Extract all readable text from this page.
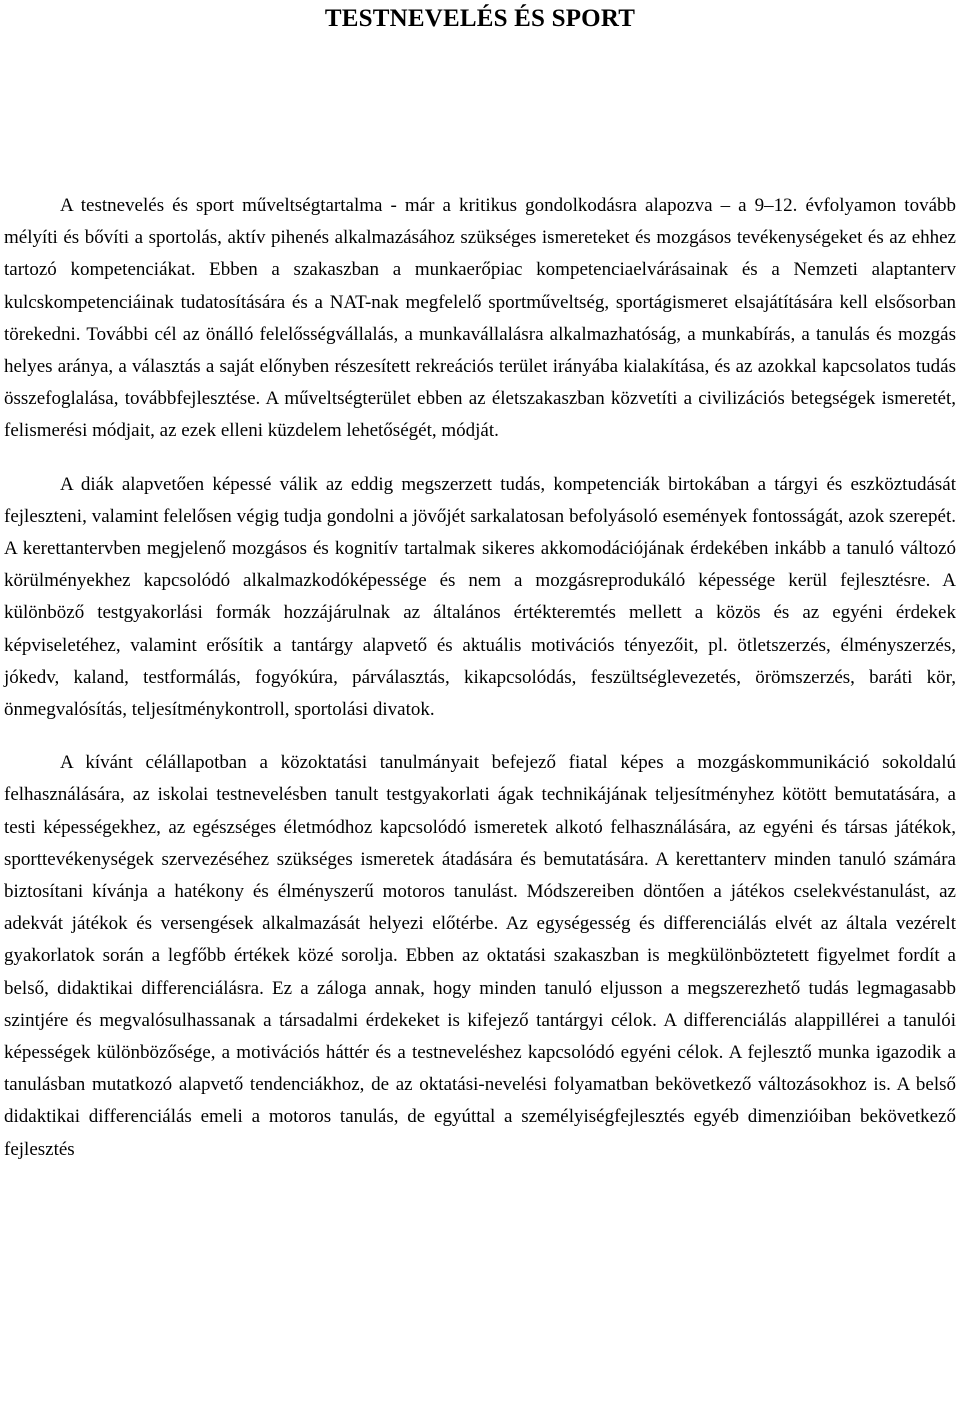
TESTNEVELÉS ÉS SPORT

A testnevelés és sport műveltségtartalma - már a kritikus gondolkodásra alapozva – a 9–12. évfolyamon tovább mélyíti és bővíti a sportolás, aktív pihenés alkalmazásához szükséges ismereteket és mozgásos tevékenységeket és az ehhez tartozó kompetenciákat. Ebben a szakaszban a munkaerőpiac kompetenciaelvárásainak és a Nemzeti alaptanterv kulcskompetenciáinak tudatosítására és a NAT-nak megfelelő sportműveltség, sportágismeret elsajátítására kell elsősorban törekedni. További cél az önálló felelősségvállalás, a munkavállalásra alkalmazhatóság, a munkabírás, a tanulás és mozgás helyes aránya, a választás a saját előnyben részesített rekreációs terület irányába kialakítása, és az azokkal kapcsolatos tudás összefoglalása, továbbfejlesztése. A műveltségterület ebben az életszakaszban közvetíti a civilizációs betegségek ismeretét, felismerési módjait, az ezek elleni küzdelem lehetőségét, módját.

A diák alapvetően képessé válik az eddig megszerzett tudás, kompetenciák birtokában a tárgyi és eszköztudását fejleszteni, valamint felelősen végig tudja gondolni a jövőjét sarkalatosan befolyásoló események fontosságát, azok szerepét. A kerettantervben megjelenő mozgásos és kognitív tartalmak sikeres akkomodációjának érdekében inkább a tanuló változó körülményekhez kapcsolódó alkalmazkodóképessége és nem a mozgásreprodukáló képessége kerül fejlesztésre. A különböző testgyakorlási formák hozzájárulnak az általános értékteremtés mellett a közös és az egyéni érdekek képviseletéhez, valamint erősítik a tantárgy alapvető és aktuális motivációs tényezőit, pl. ötletszerzés, élményszerzés, jókedv, kaland, testformálás, fogyókúra, párválasztás, kikapcsolódás, feszültséglevezetés, örömszerzés, baráti kör, önmegvalósítás, teljesítménykontroll, sportolási divatok.

A kívánt célállapotban a közoktatási tanulmányait befejező fiatal képes a mozgáskommunikáció sokoldalú felhasználására, az iskolai testnevelésben tanult testgyakorlati ágak technikájának teljesítményhez kötött bemutatására, a testi képességekhez, az egészséges életmódhoz kapcsolódó ismeretek alkotó felhasználására, az egyéni és társas játékok, sporttevékenységek szervezéséhez szükséges ismeretek átadására és bemutatására. A kerettanterv minden tanuló számára biztosítani kívánja a hatékony és élményszerű motoros tanulást. Módszereiben döntően a játékos cselekvéstanulást, az adekvát játékok és versengések alkalmazását helyezi előtérbe. Az egységesség és differenciálás elvét az általa vezérelt gyakorlatok során a legfőbb értékek közé sorolja. Ebben az oktatási szakaszban is megkülönböztetett figyelmet fordít a belső, didaktikai differenciálásra. Ez a záloga annak, hogy minden tanuló eljusson a megszerezhető tudás legmagasabb szintjére és megvalósulhassanak a társadalmi érdekeket is kifejező tantárgyi célok. A differenciálás alappillérei a tanulói képességek különbözősége, a motivációs háttér és a testneveléshez kapcsolódó egyéni célok. A fejlesztő munka igazodik a tanulásban mutatkozó alapvető tendenciákhoz, de az oktatási-nevelési folyamatban bekövetkező változásokhoz is. A belső didaktikai differenciálás emeli a motoros tanulás, de egyúttal a személyiségfejlesztés egyéb dimenzióiban bekövetkező fejlesztés
